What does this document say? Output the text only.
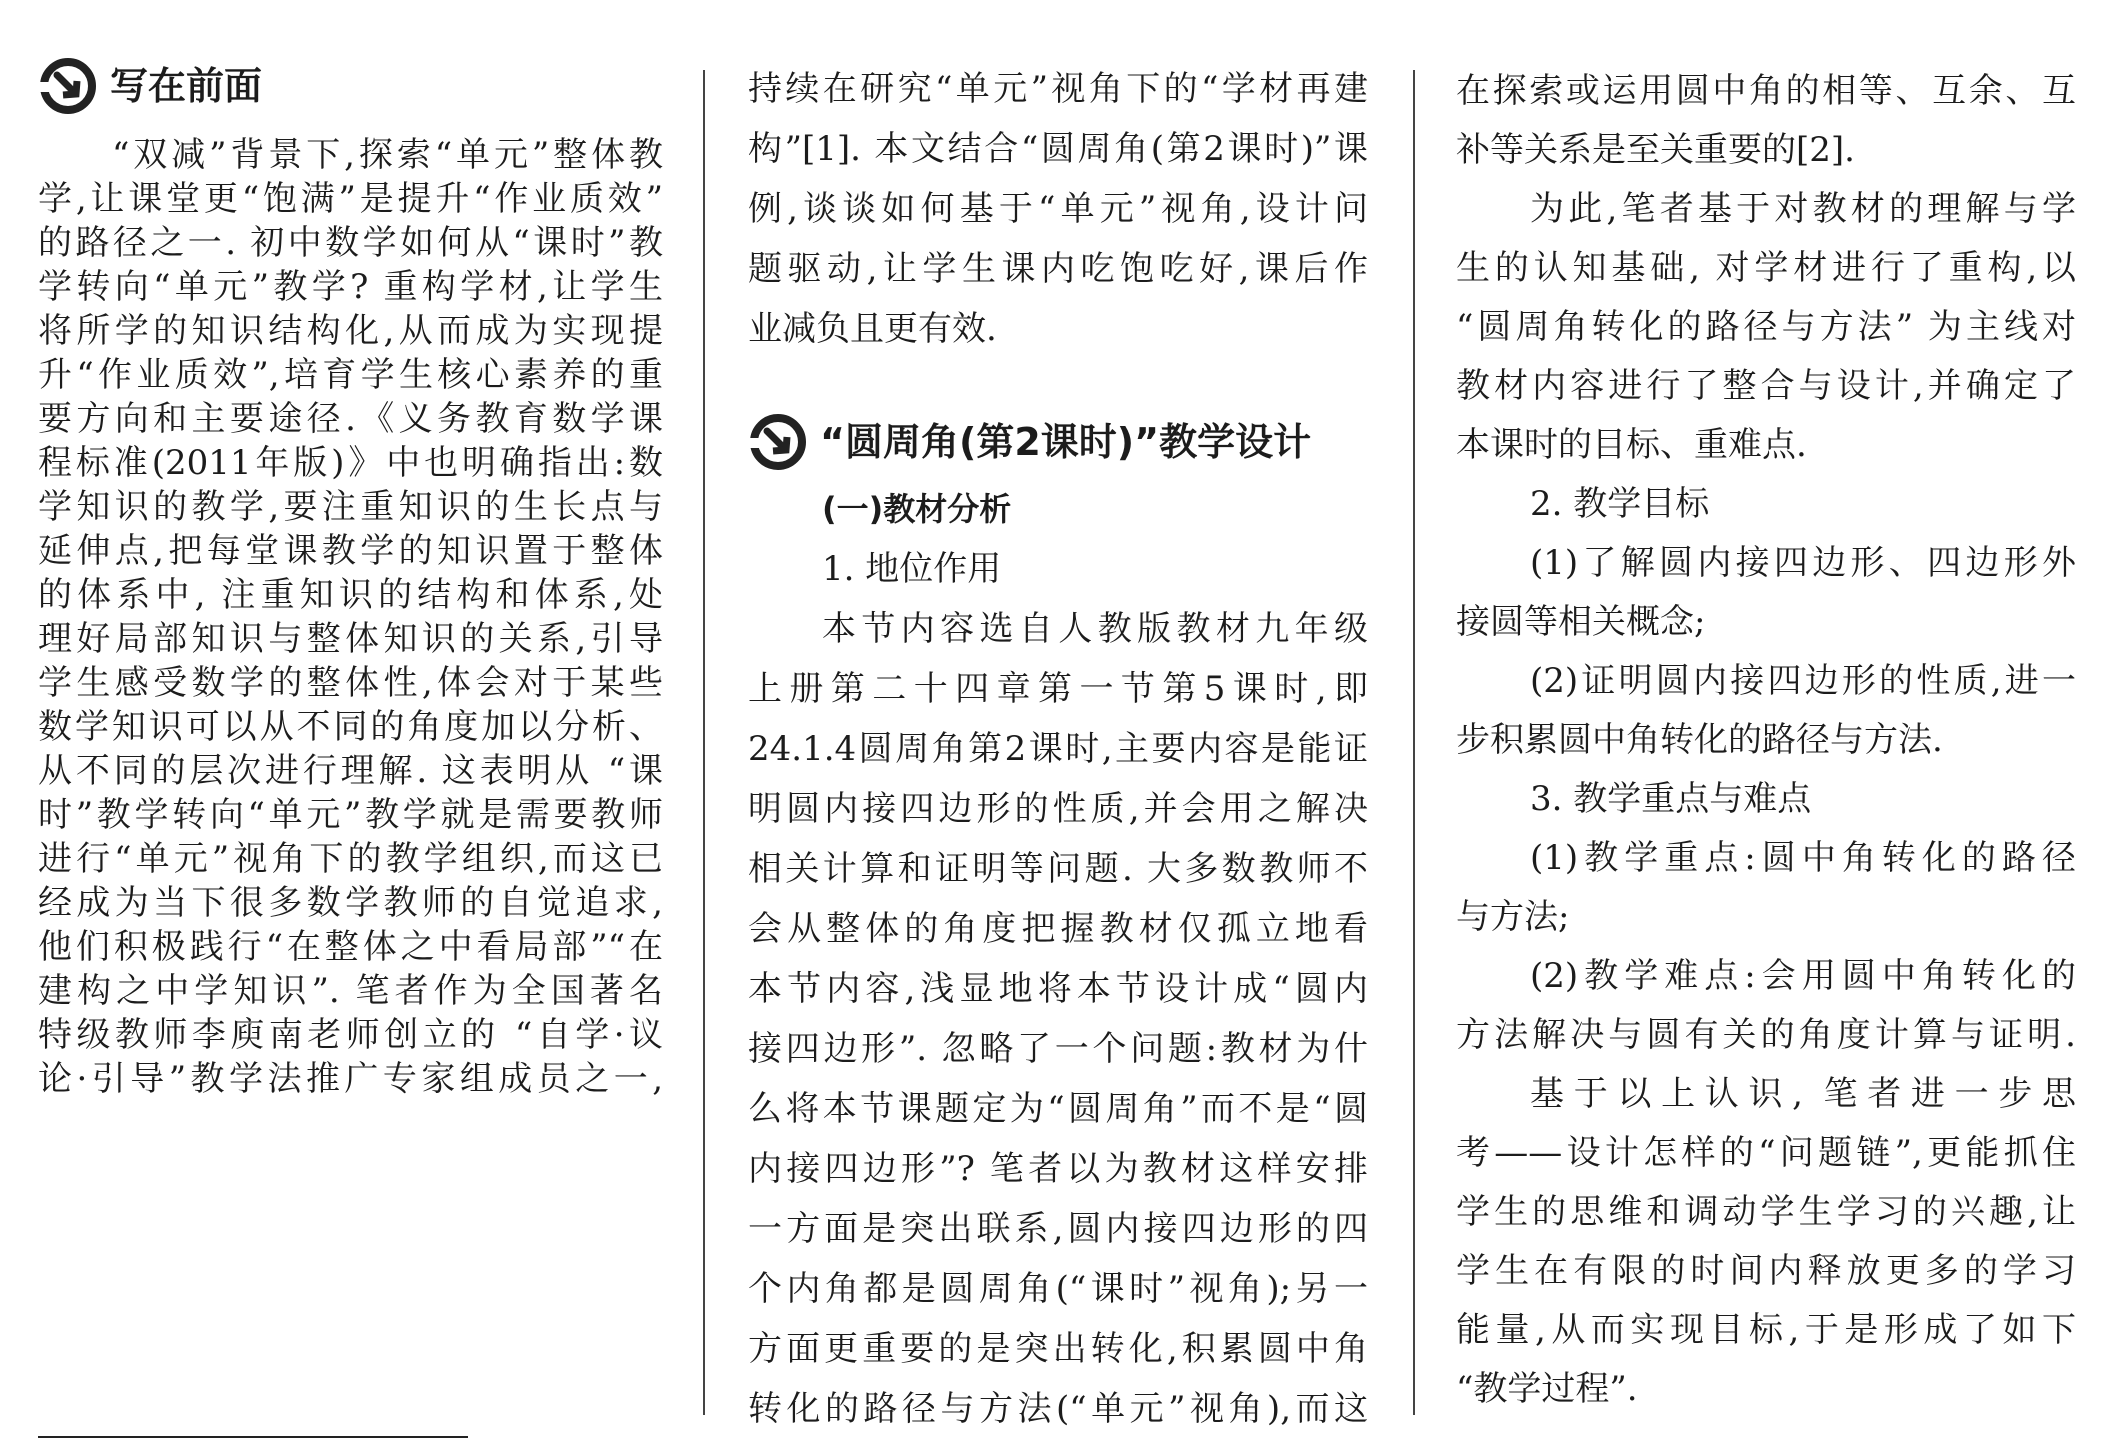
写在前面
“双减”背景下,探索“单元”整体教
学,让课堂更“饱满”是提升“作业质效”
的路径之一. 初中数学如何从“课时”教
学转向“单元”教学? 重构学材,让学生
将所学的知识结构化,从而成为实现提
升“作业质效”,培育学生核心素养的重
要方向和主要途径.《义务教育数学课
程标准(2011年版)》中也明确指出:数
学知识的教学,要注重知识的生长点与
延伸点,把每堂课教学的知识置于整体
的体系中, 注重知识的结构和体系,处
理好局部知识与整体知识的关系,引导
学生感受数学的整体性,体会对于某些
数学知识可以从不同的角度加以分析、
从不同的层次进行理解. 这表明从 “课
时”教学转向“单元”教学就是需要教师
进行“单元”视角下的教学组织,而这已
经成为当下很多数学教师的自觉追求,
他们积极践行“在整体之中看局部”“在
建构之中学知识”. 笔者作为全国著名
特级教师李庾南老师创立的 “自学·议
论·引导”教学法推广专家组成员之一,
持续在研究“单元”视角下的“学材再建
构”[1]. 本文结合“圆周角(第2课时)”课
例,谈谈如何基于“单元”视角,设计问
题驱动,让学生课内吃饱吃好,课后作
业减负且更有效.
“圆周角(第2课时)”教学设计
(一)教材分析
1. 地位作用
本节内容选自人教版教材九年级
上册第二十四章第一节第5课时,即
24.1.4圆周角第2课时,主要内容是能证
明圆内接四边形的性质,并会用之解决
相关计算和证明等问题. 大多数教师不
会从整体的角度把握教材仅孤立地看
本节内容,浅显地将本节设计成“圆内
接四边形”. 忽略了一个问题:教材为什
么将本节课题定为“圆周角”而不是“圆
内接四边形”? 笔者以为教材这样安排
一方面是突出联系,圆内接四边形的四
个内角都是圆周角(“课时”视角);另一
方面更重要的是突出转化,积累圆中角
转化的路径与方法(“单元”视角),而这
在探索或运用圆中角的相等、互余、互
补等关系是至关重要的[2].
为此,笔者基于对教材的理解与学
生的认知基础, 对学材进行了重构,以
“圆周角转化的路径与方法” 为主线对
教材内容进行了整合与设计,并确定了
本课时的目标、重难点.
2. 教学目标
(1)了解圆内接四边形、四边形外
接圆等相关概念;
(2)证明圆内接四边形的性质,进一
步积累圆中角转化的路径与方法.
3. 教学重点与难点
(1)教学重点:圆中角转化的路径
与方法;
(2)教学难点:会用圆中角转化的
方法解决与圆有关的角度计算与证明.
基于以上认识, 笔者进一步思
考——设计怎样的“问题链”,更能抓住
学生的思维和调动学生学习的兴趣,让
学生在有限的时间内释放更多的学习
能量,从而实现目标,于是形成了如下
“教学过程”.
